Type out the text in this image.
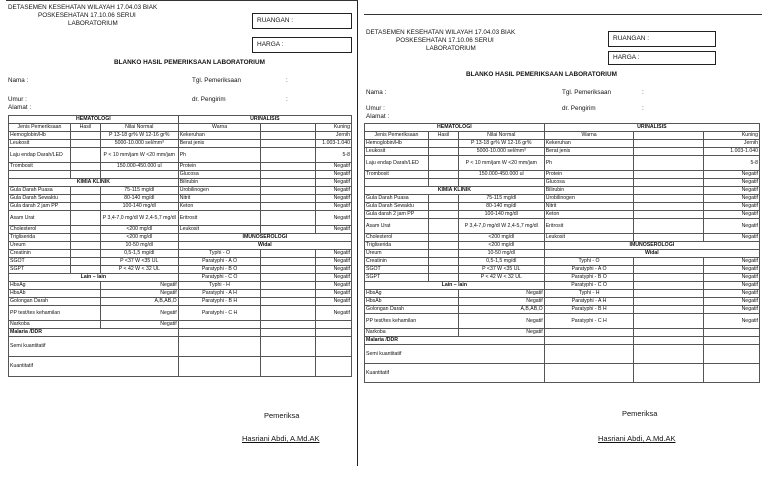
DETASEMEN KESEHATAN WILAYAH 17.04.03 BIAK
POSKESEHATAN 17.10.06 SERUI
LABORATORIUM	RUANGAN :
HARGA :
BLANKO HASIL PEMERIKSAAN LABORATORIUM
Nama :
Umur :
Alamat :
Tgl. Pemeriksaan	:
dr. Pengirim	:
HEMATOLOGI			URINALISIS		
Jenis Pemeriksaan	Hasil	Nilai Normal	Warna		Kuning
Hemoglobin/Hb		P 13-18 gr% W 12-16 gr%	Kekeruhan		Jernih
Leukosit		5000-10.000 sel/mm³	Berat jenis		1.003-1.040
Laju endap Darah/LED		P < 10 mm/jam W <20 mm/jam	Ph		5-8
Trombosit		150.000-450.000 ul	Protein		Negatif
			Glucosa		Negatif
KIMIA KLINIK			Bilirubin		Negatif
Gula Darah Puasa		75-115 mg/dl	Urobilinogen		Negatif
Gula Darah Sewaktu		80-140 mg/dl	Nitrit		Negatif
Gula darah 2 jam PP		100-140 mg/dl	Keton		Negatif
Asam Urat		P 3,4-7,0 mg/dl W 2,4-5,7 mg/dl	Eritrosit		Negatif
Cholesterol		<200 mg/dl	Leukosit		Negatif
Trigliserida		<200 mg/dl	IMUNOSEROLOGI		
Ureum		10-50 mg/dl	Widal		
Creatinin		0,5-1,5 mg/dl	Typhi - O		Negatif
SGOT		P <37 W <35 UL	Paratyphi - A O		Negatif
SGPT		P < 42 W < 32 UL	Paratyphi - B O		Negatif
Lain – lain			Paratyphi - C O		Negatif
HbsAg		Negatif	Typhi - H		Negatif
HbsAb		Negatif	Paratyphi - A H		Negatif
Golongan Darah		A,B,AB,O	Paratyphi - B H		Negatif
PP test/tes kehamilan		Negatif	Paratyphi - C H		Negatif
Narkoba		Negatif			
Malaria /DDR					
Semi kuantitatif					
Kuantitatif					
Pemeriksa
Hasriani Abdi, A.Md.AK
DETASEMEN KESEHATAN WILAYAH 17.04.03 BIAK
POSKESEHATAN 17.10.06 SERUI
LABORATORIUM
RUANGAN :
HARGA :
BLANKO HASIL PEMERIKSAAN LABORATORIUM
Nama :
Umur :
Alamat :
Tgl. Pemeriksaan	:
dr. Pengirim	:
HEMATOLOGI			URINALISIS		
Jenis Pemeriksaan	Hasil	Nilai Normal	Warna		Kuning
Hemoglobin/Hb		P 13-18 gr% W 12-16 gr%	Kekeruhan		Jernih
Leukosit		5000-10.000 sel/mm³	Berat jenis		1.003-1.040
Laju endap Darah/LED		P < 10 mm/jam W <20 mm/jam	Ph		5-8
Trombosit		150.000-450.000 ul	Protein		Negatif
			Glucosa		Negatif
KIMIA KLINIK			Bilirubin		Negatif
Gula Darah Puasa		75-115 mg/dl	Urobilinogen		Negatif
Gula Darah Sewaktu		80-140 mg/dl	Nitrit		Negatif
Gula darah 2 jam PP		100-140 mg/dl	Keton		Negatif
Asam Urat		P 3,4-7,0 mg/dl W 2,4-5,7 mg/dl	Eritrosit		Negatif
Cholesterol		<200 mg/dl	Leukosit		Negatif
Trigliserida		<200 mg/dl	IMUNOSEROLOGI		
Ureum		10-50 mg/dl	Widal		
Creatinin		0,5-1,5 mg/dl	Typhi - O		Negatif
SGOT		P <37 W <35 UL	Paratyphi - A O		Negatif
SGPT		P < 42 W < 32 UL	Paratyphi - B O		Negatif
Lain – lain			Paratyphi - C O		Negatif
HbsAg		Negatif	Typhi - H		Negatif
HbsAb		Negatif	Paratyphi - A H		Negatif
Golongan Darah		A,B,AB,O	Paratyphi - B H		Negatif
PP test/tes kehamilan		Negatif	Paratyphi - C H		Negatif
Narkoba		Negatif			
Malaria /DDR					
Semi kuantitatif					
Kuantitatif					
Pemeriksa
Hasriani Abdi, A.Md.AK
